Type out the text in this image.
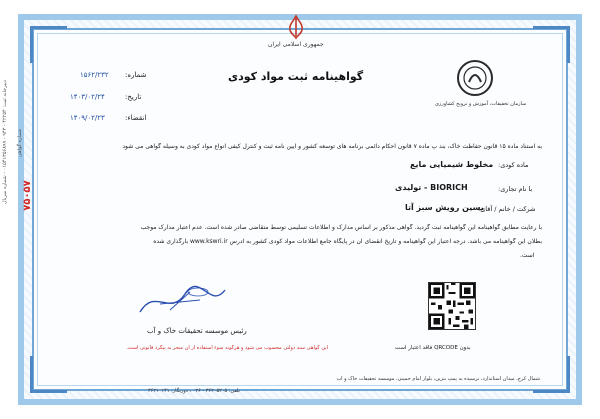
جمهوری اسلامی ایران
گواهینامه ثبت مواد کودی
سازمان تحقیقات، آموزش و ترویج کشاورزی
شماره:
۱۵۶۲/۲۳۲
تاریخ:
۱۴۰۳/۰۲/۲۴
انقضاء:
۱۴۰۹/۰۲/۲۳
به استناد ماده ۱۵ قانون حفاظت خاک، بند پ ماده ۷ قانون احکام دائمی برنامه های توسعه کشور و آیین نامه ثبت و کنترل کیفی انواع مواد کودی به وسیله گواهی می شود
ماده کودی:
مخلوط شیمیایی مایع
با نام تجاری:
BIORICH - تولیدی
شرکت / خانم / آقای:
بسین رویش سبز آتا
با رعایت مطابق گواهینامه این گواهینامه ثبت گردید. گواهی مذکور بر اساس مدارک و اطلاعات تسلیمی توسط متقاضی صادر شده است. عدم اعتبار مدارک موجب
بطلان این گواهینامه می باشد. درجه اعتبار این گواهینامه و تاریخ انقضای آن در پایگاه جامع اطلاعات مواد کودی کشور به آدرس www.kswri.ir بارگذاری شده
است.
رئیس موسسه تحقیقات خاک و آب
این گواهی سند دولتی محسوب می شود و هرگونه سوء استفاده از آن منجر به پیگرد قانونی است.	بدون QRCODE فاقد اعتبار است
شمال کرج، میدان استاندارد، نرسیده به پمپ بنزین، بلوار امام خمینی، موسسه تحقیقات خاک و آب
تلفن: ۳۶۲۰۵۲۰۵ - ۰۲۶ ، دورنگار: ۳۶۲۱۰۱۴۱
دبیرخانه ثبت: ۴۲۲۵۴ - ۹۴۳ - ۰۱۵۴۱۳۵۶۸۹۹ - شماره سریال
شماره گواهی
۷۵۰۵۷
